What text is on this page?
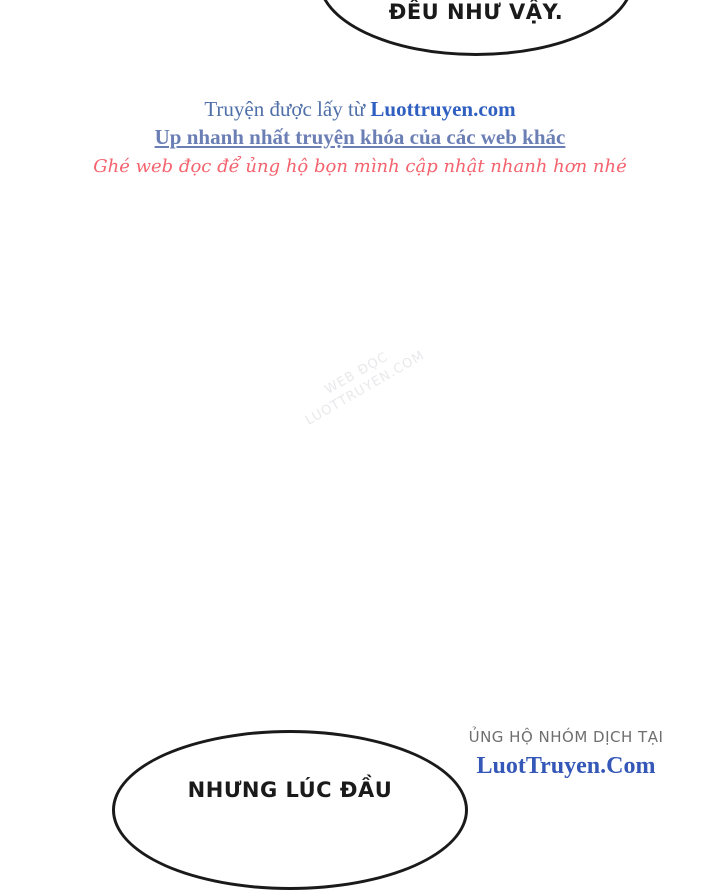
ĐỀU NHƯ VẬY.
Truyện được lấy từ Luottruyen.com
Up nhanh nhất truyện khóa của các web khác
Ghé web đọc để ủng hộ bọn mình cập nhật nhanh hơn nhé
WEB ĐỌC LUOTTRUYEN.COM
NHƯNG LÚC ĐẦU
ỦNG HỘ NHÓM DỊCH TẠI
LuotTruyen.Com
